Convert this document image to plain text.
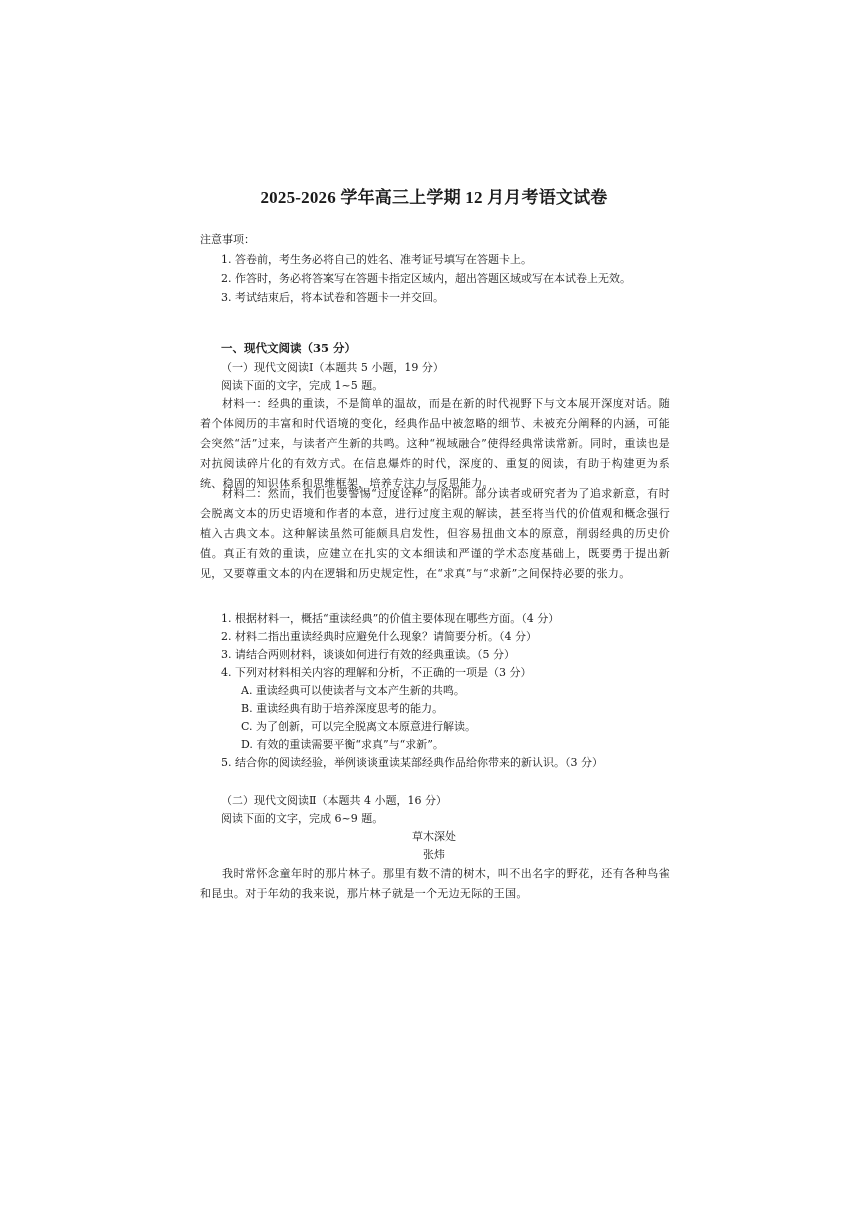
2025-2026 学年高三上学期 12 月月考语文试卷
注意事项：
1. 答卷前，考生务必将自己的姓名、准考证号填写在答题卡上。
2. 作答时，务必将答案写在答题卡指定区域内，超出答题区域或写在本试卷上无效。
3. 考试结束后，将本试卷和答题卡一并交回。
一、现代文阅读（35 分）
（一）现代文阅读Ⅰ（本题共 5 小题，19 分）
阅读下面的文字，完成 1~5 题。
材料一：经典的重读，不是简单的温故，而是在新的时代视野下与文本展开深度对话。随着个体阅历的丰富和时代语境的变化，经典作品中被忽略的细节、未被充分阐释的内涵，可能会突然“活”过来，与读者产生新的共鸣。这种“视域融合”使得经典常读常新。同时，重读也是对抗阅读碎片化的有效方式。在信息爆炸的时代，深度的、重复的阅读，有助于构建更为系统、稳固的知识体系和思维框架，培养专注力与反思能力。
材料二：然而，我们也要警惕“过度诠释”的陷阱。部分读者或研究者为了追求新意，有时会脱离文本的历史语境和作者的本意，进行过度主观的解读，甚至将当代的价值观和概念强行植入古典文本。这种解读虽然可能颇具启发性，但容易扭曲文本的原意，削弱经典的历史价值。真正有效的重读，应建立在扎实的文本细读和严谨的学术态度基础上，既要勇于提出新见，又要尊重文本的内在逻辑和历史规定性，在“求真”与“求新”之间保持必要的张力。
1. 根据材料一，概括“重读经典”的价值主要体现在哪些方面。（4 分）
2. 材料二指出重读经典时应避免什么现象？请简要分析。（4 分）
3. 请结合两则材料，谈谈如何进行有效的经典重读。（5 分）
4. 下列对材料相关内容的理解和分析，不正确的一项是（3 分）
A. 重读经典可以使读者与文本产生新的共鸣。
B. 重读经典有助于培养深度思考的能力。
C. 为了创新，可以完全脱离文本原意进行解读。
D. 有效的重读需要平衡“求真”与“求新”。
5. 结合你的阅读经验，举例谈谈重读某部经典作品给你带来的新认识。（3 分）
（二）现代文阅读Ⅱ（本题共 4 小题，16 分）
阅读下面的文字，完成 6~9 题。
草木深处
张炜
我时常怀念童年时的那片林子。那里有数不清的树木，叫不出名字的野花，还有各种鸟雀和昆虫。对于年幼的我来说，那片林子就是一个无边无际的王国。
